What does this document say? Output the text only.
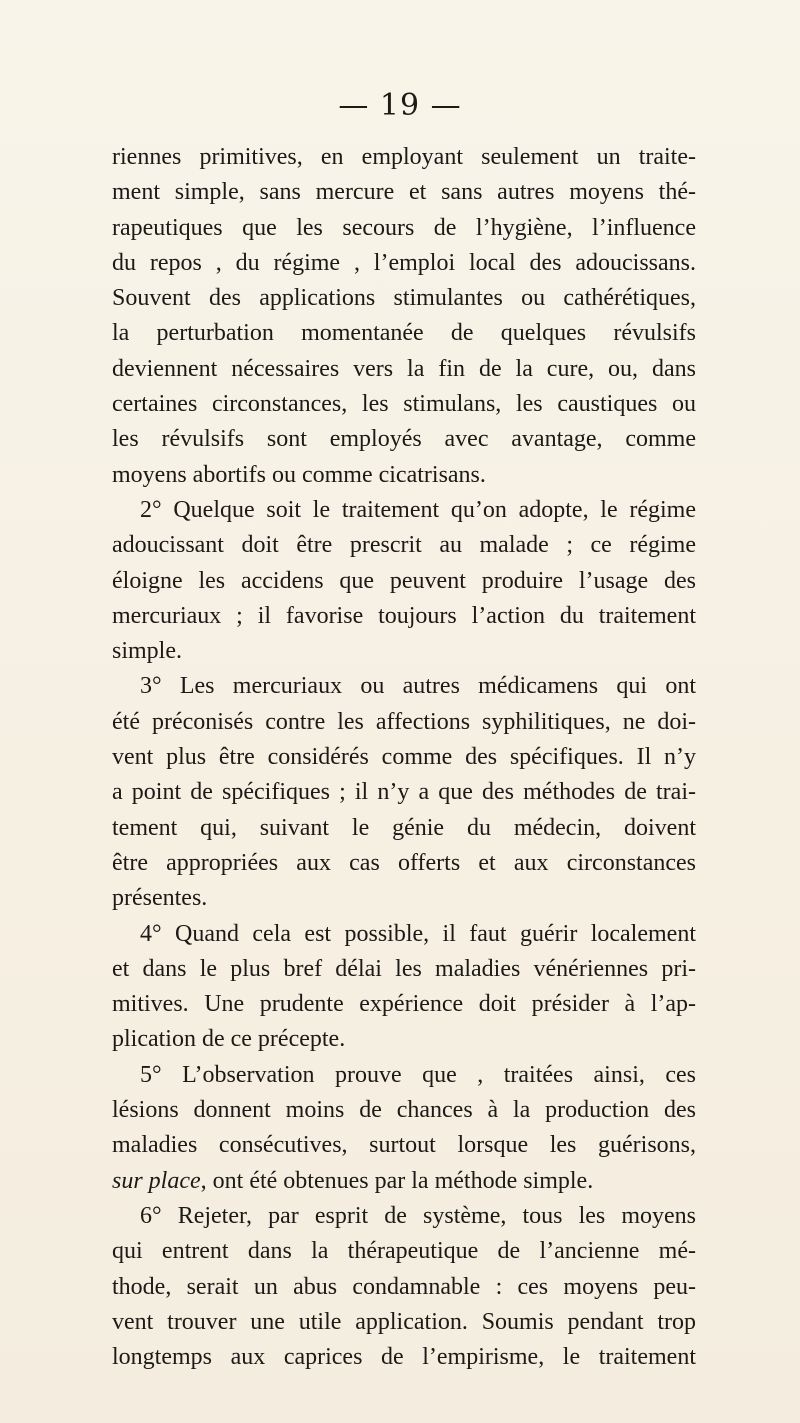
— 19 —
riennes primitives, en employant seulement un traite-
ment simple, sans mercure et sans autres moyens thé-
rapeutiques que les secours de l’hygiène, l’influence
du repos , du régime , l’emploi local des adoucissans.
Souvent des applications stimulantes ou cathérétiques,
la perturbation momentanée de quelques révulsifs
deviennent nécessaires vers la fin de la cure, ou, dans
certaines circonstances, les stimulans, les caustiques ou
les révulsifs sont employés avec avantage, comme
moyens abortifs ou comme cicatrisans.
2° Quelque soit le traitement qu’on adopte, le régime
adoucissant doit être prescrit au malade ; ce régime
éloigne les accidens que peuvent produire l’usage des
mercuriaux ; il favorise toujours l’action du traitement
simple.
3° Les mercuriaux ou autres médicamens qui ont
été préconisés contre les affections syphilitiques, ne doi-
vent plus être considérés comme des spécifiques. Il n’y
a point de spécifiques ; il n’y a que des méthodes de trai-
tement qui, suivant le génie du médecin, doivent
être appropriées aux cas offerts et aux circonstances
présentes.
4° Quand cela est possible, il faut guérir localement
et dans le plus bref délai les maladies vénériennes pri-
mitives. Une prudente expérience doit présider à l’ap-
plication de ce précepte.
5° L’observation prouve que , traitées ainsi, ces
lésions donnent moins de chances à la production des
maladies consécutives, surtout lorsque les guérisons,
sur place, ont été obtenues par la méthode simple.
6° Rejeter, par esprit de système, tous les moyens
qui entrent dans la thérapeutique de l’ancienne mé-
thode, serait un abus condamnable : ces moyens peu-
vent trouver une utile application. Soumis pendant trop
longtemps aux caprices de l’empirisme, le traitement
